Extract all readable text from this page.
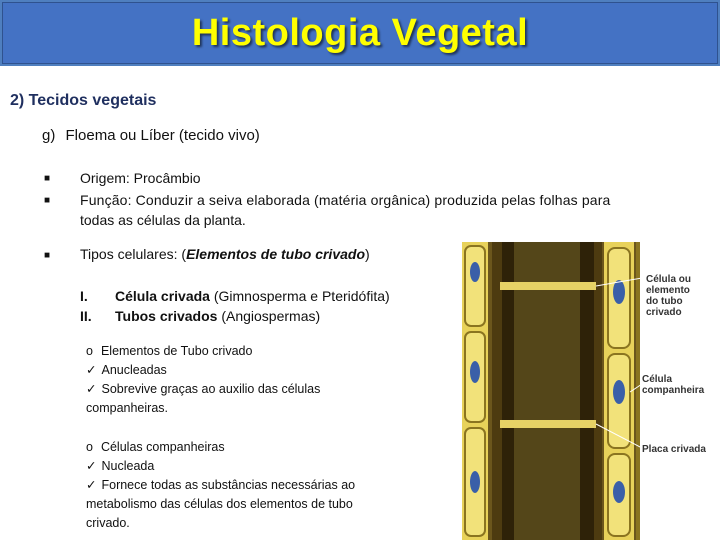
Histologia Vegetal
2) Tecidos vegetais
g) Floema ou Líber (tecido vivo)
■ Origem: Procâmbio
■ Função: Conduzir a seiva elaborada (matéria orgânica) produzida pelas folhas para
todas as células da planta.
■ Tipos celulares: (Elementos de tubo crivado)
I. Célula crivada (Gimnosperma e Pteridófita)
II. Tubos crivados (Angiospermas)
o Elementos de Tubo crivado
✓ Anucleadas
✓ Sobrevive graças ao auxilio das células
companheiras.
o Células companheiras
✓ Nucleada
✓ Fornece todas as substâncias necessárias ao
metabolismo das células dos elementos de tubo
crivado.
Célula ou
elemento
do tubo
crivado
Célula
companheira
Placa crivada
